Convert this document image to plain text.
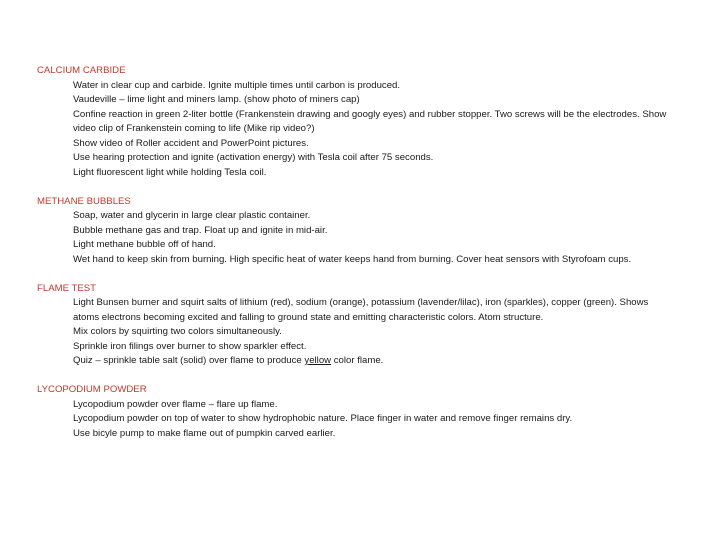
CALCIUM CARBIDE
Water in clear cup and carbide. Ignite multiple times until carbon is produced.
Vaudeville – lime light and miners lamp. (show photo of miners cap)
Confine reaction in green 2-liter bottle (Frankenstein drawing and googly eyes) and rubber stopper. Two screws will be the electrodes. Show video clip of Frankenstein coming to life (Mike rip video?)
Show video of Roller accident and PowerPoint pictures.
Use hearing protection and ignite (activation energy) with Tesla coil after 75 seconds.
Light fluorescent light while holding Tesla coil.
METHANE BUBBLES
Soap, water and glycerin in large clear plastic container.
Bubble methane gas and trap. Float up and ignite in mid-air.
Light methane bubble off of hand.
Wet hand to keep skin from burning. High specific heat of water keeps hand from burning. Cover heat sensors with Styrofoam cups.
FLAME TEST
Light Bunsen burner and squirt salts of lithium (red), sodium (orange), potassium (lavender/lilac), iron (sparkles), copper (green). Shows atoms electrons becoming excited and falling to ground state and emitting characteristic colors. Atom structure.
Mix colors by squirting two colors simultaneously.
Sprinkle iron filings over burner to show sparkler effect.
Quiz – sprinkle table salt (solid) over flame to produce yellow color flame.
LYCOPODIUM POWDER
Lycopodium powder over flame – flare up flame.
Lycopodium powder on top of water to show hydrophobic nature. Place finger in water and remove finger remains dry.
Use bicyle pump to make flame out of pumpkin carved earlier.
